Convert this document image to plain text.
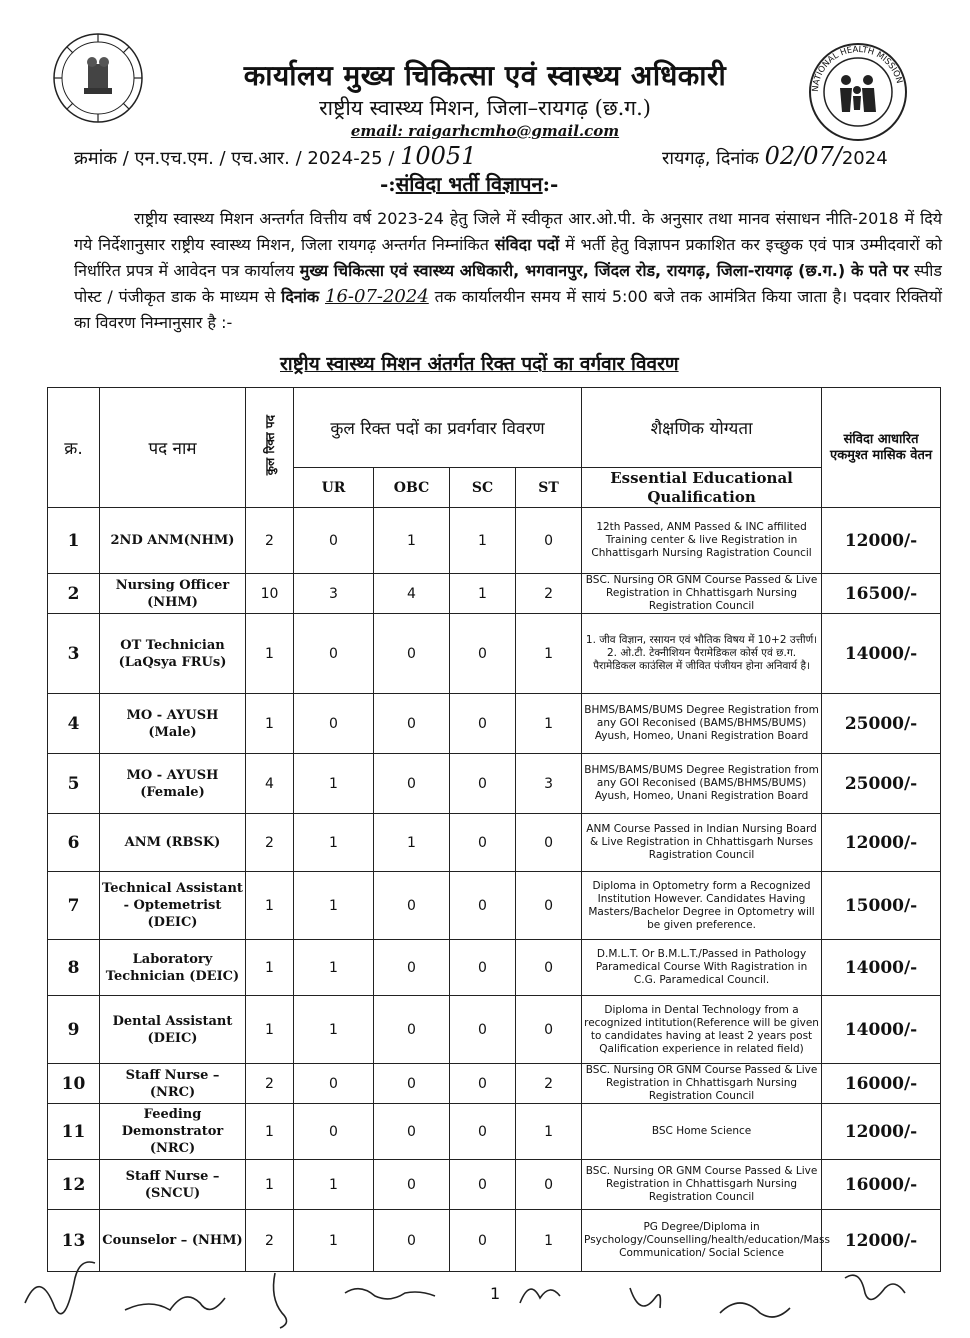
NATIONAL HEALTH MISSION
कार्यालय मुख्य चिकित्सा एवं स्वास्थ्य अधिकारी
राष्ट्रीय स्वास्थ्य मिशन, जिला–रायगढ़ (छ.ग.)
email: raigarhcmho@gmail.com
क्रमांक / एन.एच.एम. / एच.आर. / 2024-25 / 10051	रायगढ़, दिनांक 02/07/2024
-:संविदा भर्ती विज्ञापन:-
राष्ट्रीय स्वास्थ्य मिशन अन्तर्गत वित्तीय वर्ष 2023-24 हेतु जिले में स्वीकृत आर.ओ.पी. के अनुसार तथा मानव संसाधन नीति-2018 में दिये गये निर्देशानुसार राष्ट्रीय स्वास्थ्य मिशन, जिला रायगढ़ अन्तर्गत निम्नांकित संविदा पदों में भर्ती हेतु विज्ञापन प्रकाशित कर इच्छुक एवं पात्र उम्मीदवारों को निर्धारित प्रपत्र में आवेदन पत्र कार्यालय मुख्य चिकित्सा एवं स्वास्थ्य अधिकारी, भगवानपुर, जिंदल रोड, रायगढ़, जिला-रायगढ़ (छ.ग.) के पते पर स्पीड पोस्ट / पंजीकृत डाक के माध्यम से दिनांक 16-07-2024 तक कार्यालयीन समय में सायं 5:00 बजे तक आमंत्रित किया जाता है। पदवार रिक्तियों का विवरण निम्नानुसार है :-
राष्ट्रीय स्वास्थ्य मिशन अंतर्गत रिक्त पदों का वर्गवार विवरण
क्र.	पद नाम	कुल रिक्त पद	कुल रिक्त पदों का प्रवर्गवार विवरण				शैक्षणिक योग्यता	संविदा आधारित एकमुश्त मासिक वेतन
			UR	OBC	SC	ST	Essential Educational Qualification	
1	2ND ANM(NHM)	2	0	1	1	0	12th Passed, ANM Passed & INC affilited Training center & live Registration in Chhattisgarh Nursing Ragistration Council	12000/-
2	Nursing Officer (NHM)	10	3	4	1	2	BSC. Nursing OR GNM Course Passed & Live Registration in Chhattisgarh Nursing Registration Council	16500/-
3	OT Technician (LaQsya FRUs)	1	0	0	0	1	1. जीव विज्ञान, रसायन एवं भौतिक विषय में 10+2 उत्तीर्ण। 2. ओ.टी. टेक्नीशियन पैरामेडिकल कोर्स एवं छ.ग. पैरामेडिकल काउंसिल में जीवित पंजीयन होना अनिवार्य है।	14000/-
4	MO - AYUSH (Male)	1	0	0	0	1	BHMS/BAMS/BUMS Degree Registration from any GOI Reconised (BAMS/BHMS/BUMS) Ayush, Homeo, Unani Registration Board	25000/-
5	MO - AYUSH (Female)	4	1	0	0	3	BHMS/BAMS/BUMS Degree Registration from any GOI Reconised (BAMS/BHMS/BUMS) Ayush, Homeo, Unani Registration Board	25000/-
6	ANM (RBSK)	2	1	1	0	0	ANM Course Passed in Indian Nursing Board & Live Registration in Chhattisgarh Nurses Ragistration Council	12000/-
7	Technical Assistant - Optemetrist (DEIC)	1	1	0	0	0	Diploma in Optometry form a Recognized Institution However. Candidates Having Masters/Bachelor Degree in Optometry will be given preference.	15000/-
8	Laboratory Technician (DEIC)	1	1	0	0	0	D.M.L.T. Or B.M.L.T./Passed in Pathology Paramedical Course With Ragistration in C.G. Paramedical Council.	14000/-
9	Dental Assistant (DEIC)	1	1	0	0	0	Diploma in Dental Technology from a recognized intitution(Reference will be given to candidates having at least 2 years post Qalification experience in related field)	14000/-
10	Staff Nurse – (NRC)	2	0	0	0	2	BSC. Nursing OR GNM Course Passed & Live Registration in Chhattisgarh Nursing Registration Council	16000/-
11	Feeding Demonstrator (NRC)	1	0	0	0	1	BSC Home Science	12000/-
12	Staff Nurse – (SNCU)	1	1	0	0	0	BSC. Nursing OR GNM Course Passed & Live Registration in Chhattisgarh Nursing Registration Council	16000/-
13	Counselor – (NHM)	2	1	0	0	1	PG Degree/Diploma in Psychology/Counselling/health/education/Mass Communication/ Social Science	12000/-
1
